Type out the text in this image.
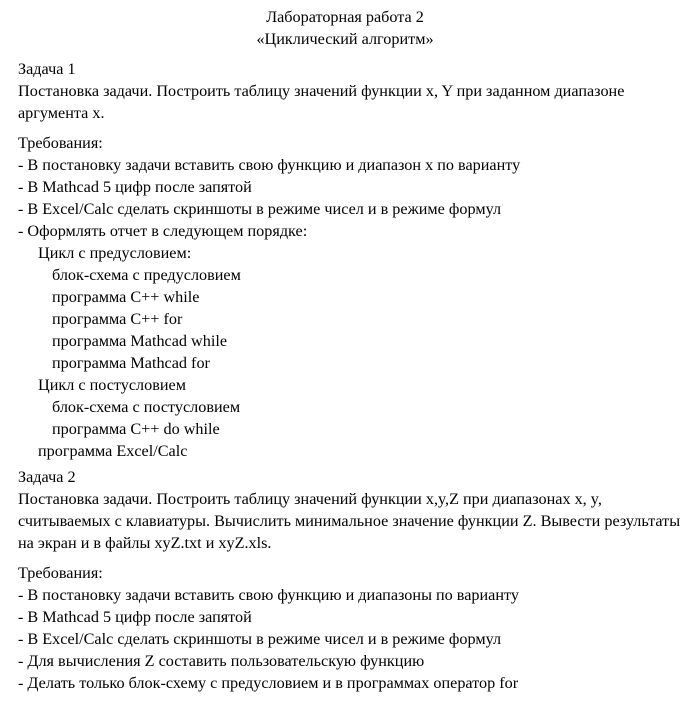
Лабораторная работа 2
«Циклический алгоритм»
Задача 1
Постановка задачи. Построить таблицу значений функции x, Y при заданном диапазоне аргумента x.
Требования:
- В постановку задачи вставить свою функцию и диапазон x по варианту
- В Mathcad 5 цифр после запятой
- В Excel/Calc сделать скриншоты в режиме чисел и в режиме формул
- Оформлять отчет в следующем порядке:
Цикл с предусловием:
блок-схема с предусловием
программа C++ while
программа C++ for
программа Mathcad while
программа Mathcad for
Цикл с постусловием
блок-схема с постусловием
программа C++ do while
программа Excel/Calc
Задача 2
Постановка задачи. Построить таблицу значений функции x,y,Z при диапазонах x, y, считываемых с клавиатуры. Вычислить минимальное значение функции Z. Вывести результаты на экран и в файлы xyZ.txt и xyZ.xls.
Требования:
- В постановку задачи вставить свою функцию и диапазоны по варианту
- В Mathcad 5 цифр после запятой
- В Excel/Calc сделать скриншоты в режиме чисел и в режиме формул
- Для вычисления Z составить пользовательскую функцию
- Делать только блок-схему с предусловием и в программах оператор for
